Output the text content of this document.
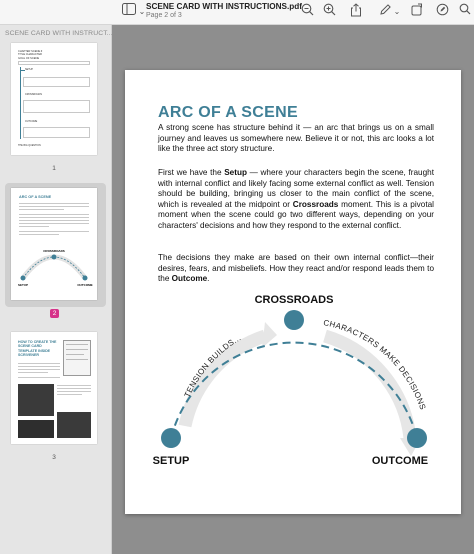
⌄
SCENE CARD WITH INSTRUCTIONS.pdf
Page 2 of 3	⌄
SCENE CARD WITH INSTRUCT...
CHAPTER SCENE #
TITLE CHARACTER
GOAL OF SCENE
SETUP
CROSSROADS
OUTCOME
THE BIG QUESTION
1
ARC OF A SCENE
CROSSROADS
SETUP	OUTCOME
2
HOW TO CREATE THE SCENE CARD TEMPLATE INSIDE SCRIVENER
3
ARC OF A SCENE
A strong scene has structure behind it — an arc that brings us on a small journey and leaves us somewhere new. Believe it or not, this arc looks a lot like the three act story structure.
First we have the Setup — where your characters begin the scene, fraught with internal conflict and likely facing some external conflict as well. Tension should be building, bringing us closer to the main conflict of the scene, which is revealed at the midpoint or Crossroads moment. This is a pivotal moment when the scene could go two different ways, depending on your characters' decisions and how they respond to the external conflict.
The decisions they make are based on their own internal conflict—their desires, fears, and misbeliefs. How they react and/or respond leads them to the Outcome.
CROSSROADS
SETUP	OUTCOME
TENSION BUILDS...
CHARACTERS MAKE DECISIONS
